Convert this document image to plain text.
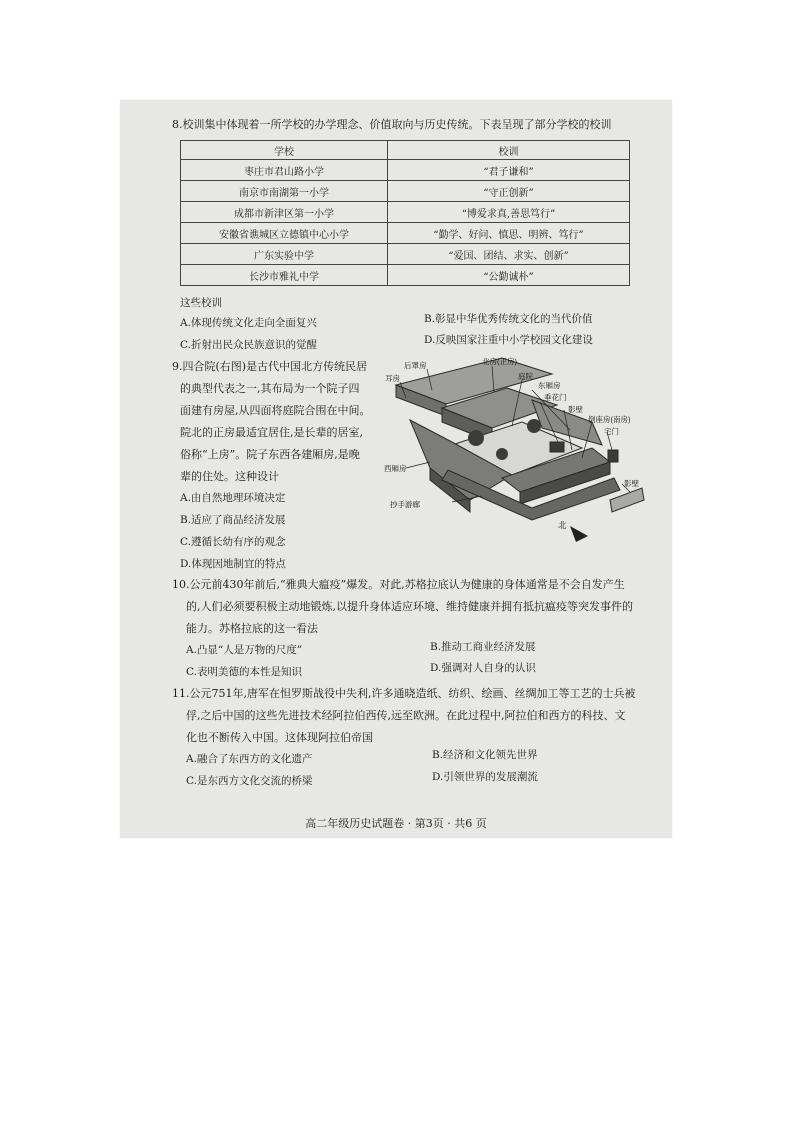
8.校训集中体现着一所学校的办学理念、价值取向与历史传统。下表呈现了部分学校的校训
学校	校训
枣庄市君山路小学	“君子谦和”
南京市南湖第一小学	“守正创新”
成都市新津区第一小学	“博爱求真,善思笃行”
安徽省谯城区立德镇中心小学	“勤学、好问、慎思、明辨、笃行”
广东实验中学	“爱国、团结、求实、创新”
长沙市雅礼中学	“公勤诚朴”
这些校训
A.体现传统文化走向全面复兴	B.彰显中华优秀传统文化的当代价值
C.折射出民众民族意识的觉醒	D.反映国家注重中小学校园文化建设
9.四合院(右图)是古代中国北方传统民居
的典型代表之一,其布局为一个院子四
面建有房屋,从四面将庭院合围在中间。
院北的正房最适宜居住,是长辈的居室,
俗称“上房”。院子东西各建厢房,是晚
辈的住处。这种设计
A.由自然地理环境决定
B.适应了商品经济发展
C.遵循长幼有序的观念
D.体现因地制宜的特点
后罩房	北房(正房)
耳房	庭院
东厢房
垂花门
影壁
倒座房(南房)
宅门
西厢房
抄手游廊
影壁
北
10.公元前430年前后,“雅典大瘟疫”爆发。对此,苏格拉底认为健康的身体通常是不会自发产生
的,人们必须要积极主动地锻炼,以提升身体适应环境、维持健康并拥有抵抗瘟疫等突发事件的
能力。苏格拉底的这一看法
A.凸显“人是万物的尺度”	B.推动工商业经济发展
C.表明美德的本性是知识	D.强调对人自身的认识
11.公元751年,唐军在怛罗斯战役中失利,许多通晓造纸、纺织、绘画、丝绸加工等工艺的士兵被
俘,之后中国的这些先进技术经阿拉伯西传,远至欧洲。在此过程中,阿拉伯和西方的科技、文
化也不断传入中国。这体现阿拉伯帝国
A.融合了东西方的文化遗产	B.经济和文化领先世界
C.是东西方文化交流的桥梁	D.引领世界的发展潮流
高二年级历史试题卷 · 第3页 · 共6 页
